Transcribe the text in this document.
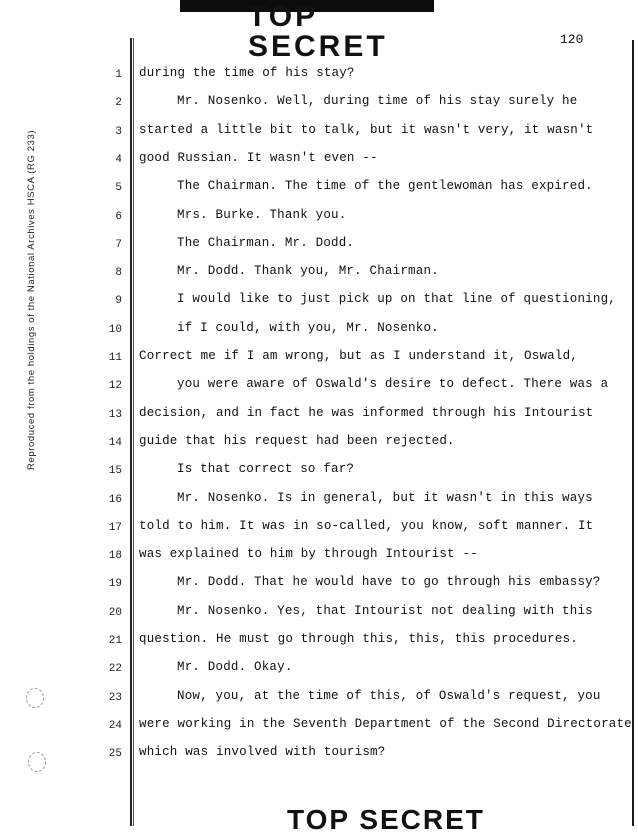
TOP SECRET	120
Reproduced from the holdings of the National Archives HSCA (RG 233)
1 during the time of his stay?
2	Mr. Nosenko. Well, during time of his stay surely he
3 started a little bit to talk, but it wasn't very, it wasn't
4 good Russian. It wasn't even --
5	The Chairman. The time of the gentlewoman has expired.
6	Mrs. Burke. Thank you.
7	The Chairman. Mr. Dodd.
8	Mr. Dodd. Thank you, Mr. Chairman.
9	I would like to just pick up on that line of questioning,
10	if I could, with you, Mr. Nosenko.
11 Correct me if I am wrong, but as I understand it, Oswald,
12	you were aware of Oswald's desire to defect. There was a
13 decision, and in fact he was informed through his Intourist
14 guide that his request had been rejected.
15	Is that correct so far?
16	Mr. Nosenko. Is in general, but it wasn't in this ways
17 told to him. It was in so-called, you know, soft manner. It
18 was explained to him by through Intourist --
19	Mr. Dodd. That he would have to go through his embassy?
20	Mr. Nosenko. Yes, that Intourist not dealing with this
21 question. He must go through this, this, this procedures.
22	Mr. Dodd. Okay.
23	Now, you, at the time of this, of Oswald's request, you
24 were working in the Seventh Department of the Second Directorate
25 which was involved with tourism?
TOP SECRET
